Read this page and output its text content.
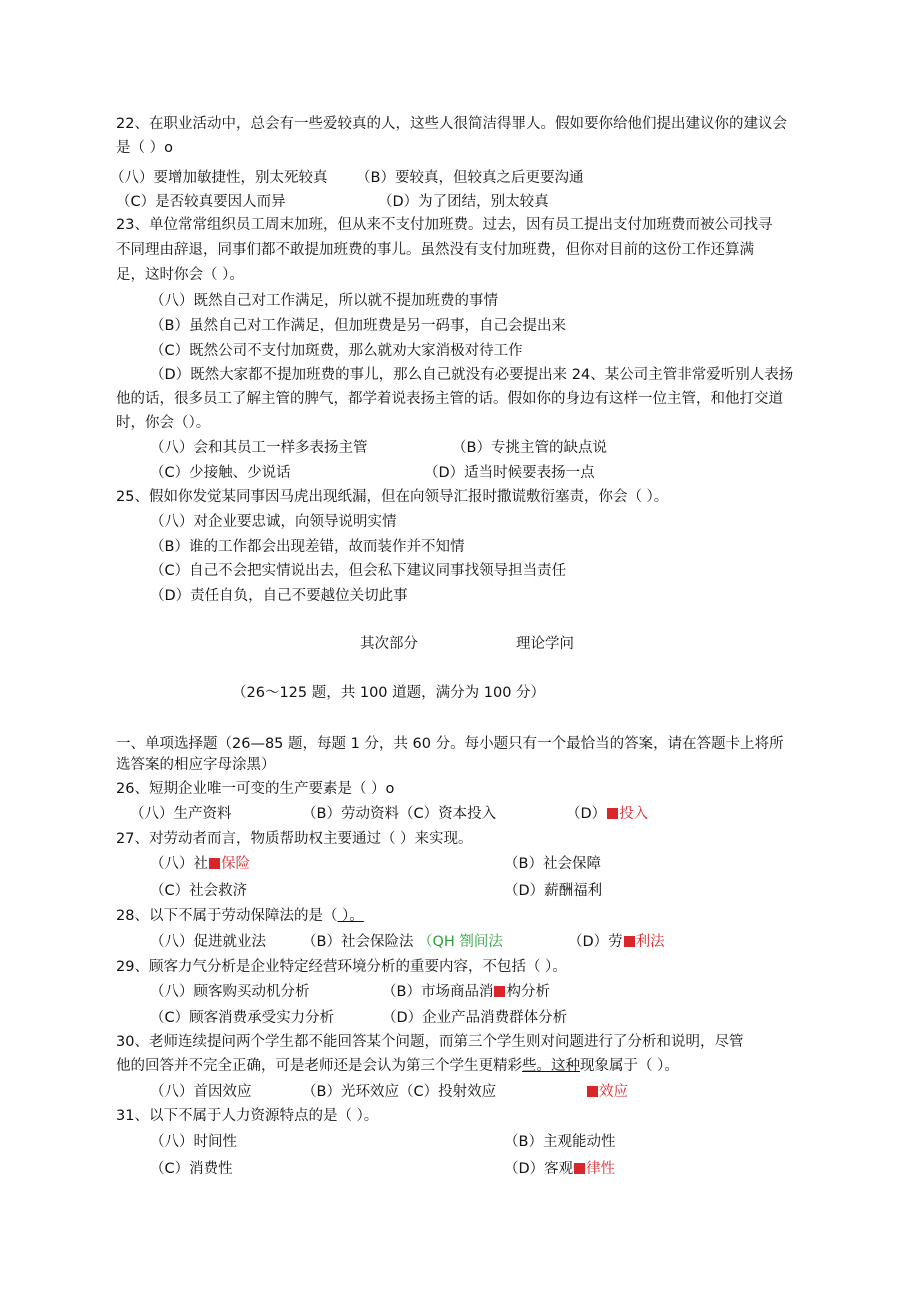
22、在职业活动中，总会有一些爱较真的人，这些人很简洁得罪人。假如要你给他们提出建议你的建议会
是（ ）o
（八）要增加敏捷性，别太死较真 （B）要较真，但较真之后更要沟通
（C）是否较真要因人而异	（D）为了团结，别太较真
23、单位常常组织员工周末加班，但从来不支付加班费。过去，因有员工提出支付加班费而被公司找寻
不同理由辞退，同事们都不敢提加班费的事儿。虽然没有支付加班费，但你对目前的这份工作还算满
足，这时你会（ ）。
（八）既然自己对工作满足，所以就不提加班费的事情
（B）虽然自己对工作满足，但加班费是另一码事，自己会提出来
（C）既然公司不支付加斑费，那么就劝大家消极对待工作
（D）既然大家都不提加班费的事儿，那么自己就没有必要提出来 24、某公司主管非常爱听别人表扬
他的话，很多员工了解主管的脾气，都学着说表扬主管的话。假如你的身边有这样一位主管，和他打交道
时，你会（）。
（八）会和其员工一样多表扬主管	（B）专挑主管的缺点说
（C）少接触、少说话	（D）适当时候要表扬一点
25、假如你发觉某同事因马虎出现纸漏，但在向领导汇报时撒谎敷衍塞责，你会（ ）。
（八）对企业要忠诚，向领导说明实情
（B）谁的工作都会出现差错，故而装作并不知情
（C）自己不会把实情说出去，但会私下建议同事找领导担当责任
（D）责任自负，自己不要越位关切此事
其次部分	理论学问
（26～125 题，共 100 道题，满分为 100 分）
一、单项选择题（26—85 题，每题 1 分，共 60 分。每小题只有一个最恰当的答案，请在答题卡上将所
选答案的相应字母涂黑）
26、短期企业唯一可变的生产要素是（ ）o
（八）生产资料	（B）劳动资料（C）资本投入	（D） 投入
27、对劳动者而言，物质帮助权主要通过（ ）来实现。
（八）社 保险	（B）社会保障
（C）社会救济	（D）薪酬福利
28、以下不属于劳动保障法的是（ ）。
（八）促进就业法 （B）社会保险法 （QH 劄间法	（D）劳 利法
29、顾客力气分析是企业特定经营环境分析的重要内容，不包括（ ）。
（八）顾客购买动机分析	（B）市场商品消 构分析
（C）顾客消费承受实力分析	（D）企业产品消费群体分析
30、老师连续提问两个学生都不能回答某个问题，而第三个学生则对问题进行了分析和说明，尽管
他的回答并不完全正确，可是老师还是会认为第三个学生更精彩些。这种现象属于（ ）。
（八）首因效应	（B）光环效应（C）投射效应	效应
31、以下不属于人力资源特点的是（ ）。
（八）时间性	（B）主观能动性
（C）消费性	（D）客观 律性
